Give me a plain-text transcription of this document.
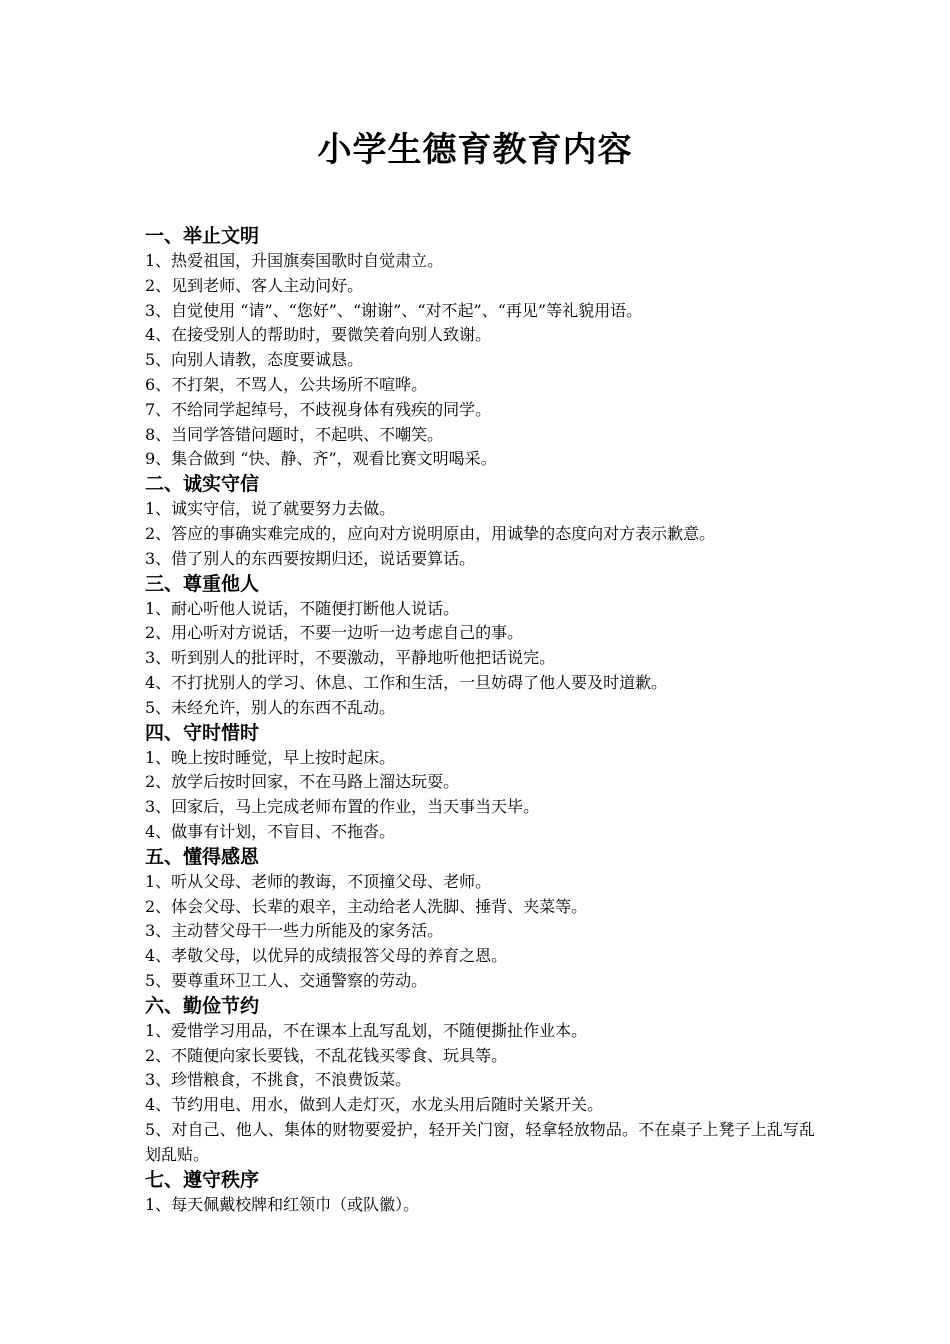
小学生德育教育内容
一、举止文明
1、热爱祖国，升国旗奏国歌时自觉肃立。
2、见到老师、客人主动问好。
3、自觉使用 “请”、“您好”、“谢谢”、“对不起”、“再见”等礼貌用语。
4、在接受别人的帮助时，要微笑着向别人致谢。
5、向别人请教，态度要诚恳。
6、不打架，不骂人，公共场所不喧哗。
7、不给同学起绰号，不歧视身体有残疾的同学。
8、当同学答错问题时，不起哄、不嘲笑。
9、集合做到 “快、静、齐”，观看比赛文明喝采。
二、诚实守信
1、诚实守信，说了就要努力去做。
2、答应的事确实难完成的，应向对方说明原由，用诚挚的态度向对方表示歉意。
3、借了别人的东西要按期归还，说话要算话。
三、尊重他人
1、耐心听他人说话，不随便打断他人说话。
2、用心听对方说话，不要一边听一边考虑自己的事。
3、听到别人的批评时，不要激动，平静地听他把话说完。
4、不打扰别人的学习、休息、工作和生活，一旦妨碍了他人要及时道歉。
5、未经允许，别人的东西不乱动。
四、守时惜时
1、晚上按时睡觉，早上按时起床。
2、放学后按时回家，不在马路上溜达玩耍。
3、回家后，马上完成老师布置的作业，当天事当天毕。
4、做事有计划，不盲目、不拖沓。
五、懂得感恩
1、听从父母、老师的教诲，不顶撞父母、老师。
2、体会父母、长辈的艰辛，主动给老人洗脚、捶背、夹菜等。
3、主动替父母干一些力所能及的家务活。
4、孝敬父母，以优异的成绩报答父母的养育之恩。
5、要尊重环卫工人、交通警察的劳动。
六、勤俭节约
1、爱惜学习用品，不在课本上乱写乱划，不随便撕扯作业本。
2、不随便向家长要钱，不乱花钱买零食、玩具等。
3、珍惜粮食，不挑食，不浪费饭菜。
4、节约用电、用水，做到人走灯灭，水龙头用后随时关紧开关。
5、对自己、他人、集体的财物要爱护，轻开关门窗，轻拿轻放物品。不在桌子上凳子上乱写乱划乱贴。
七、遵守秩序
1、每天佩戴校牌和红领巾（或队徽）。
